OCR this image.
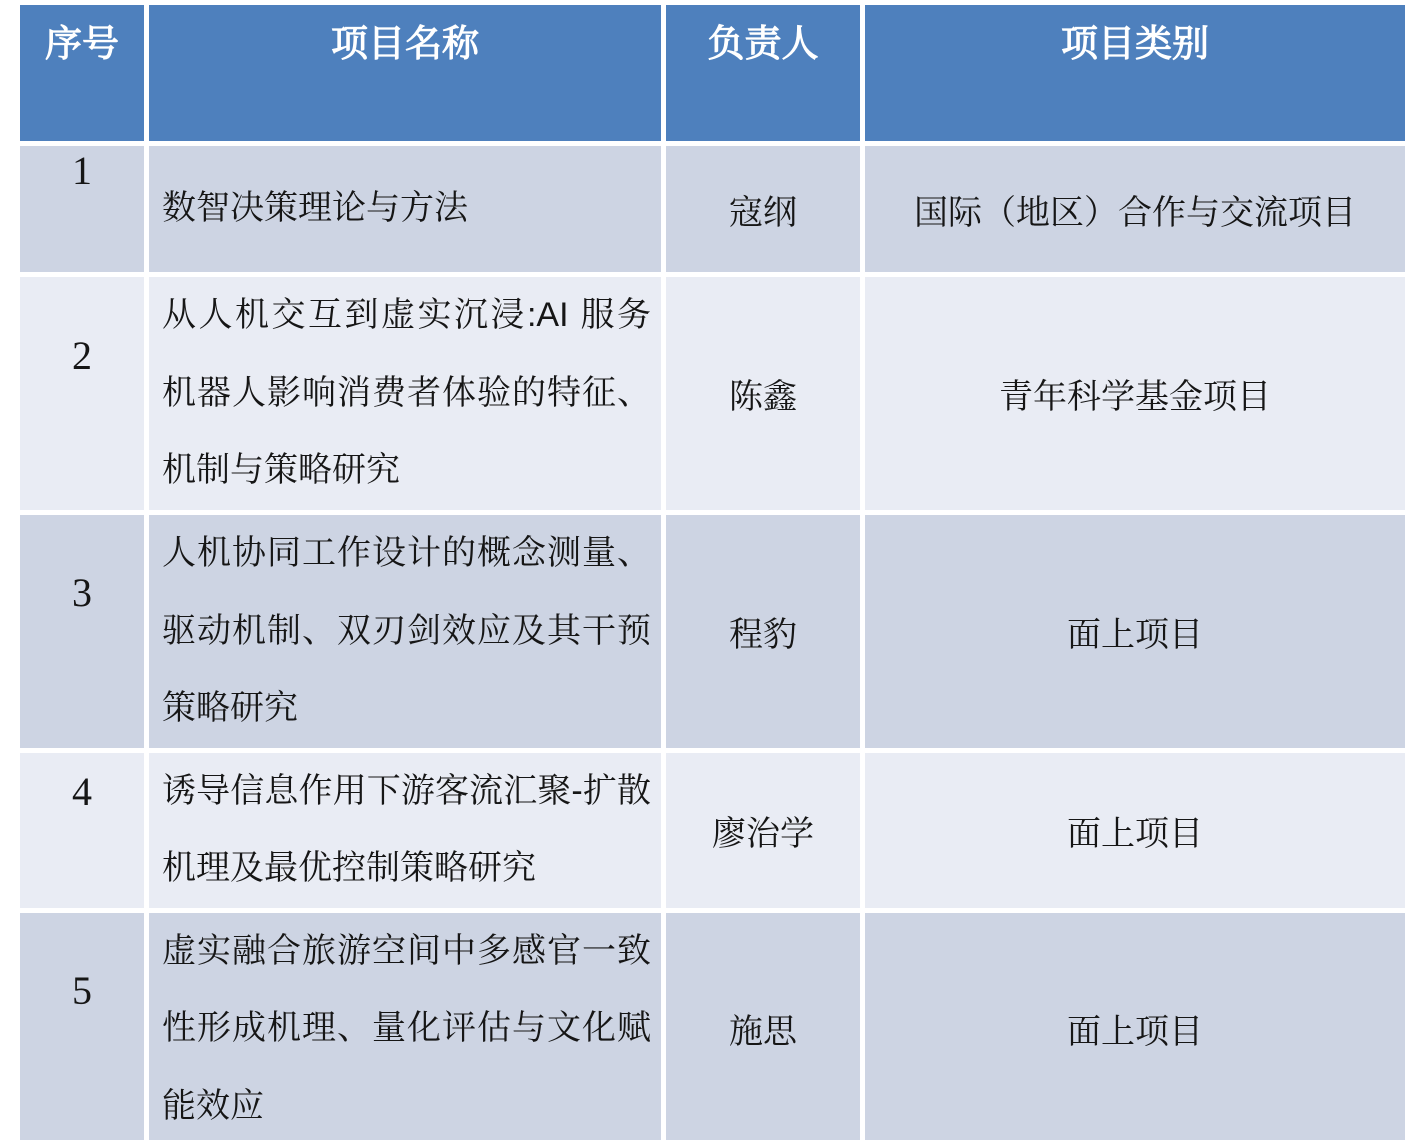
序号	项目名称	负责人	项目类别
1	数智决策理论与方法	寇纲	国际（地区）合作与交流项目
2	从人机交互到虚实沉浸:AI 服务机器人影响消费者体验的特征、机制与策略研究	陈鑫	青年科学基金项目
3	人机协同工作设计的概念测量、驱动机制、双刃剑效应及其干预策略研究	程豹	面上项目
4	诱导信息作用下游客流汇聚-扩散机理及最优控制策略研究	廖治学	面上项目
5	虚实融合旅游空间中多感官一致性形成机理、量化评估与文化赋能效应	施思	面上项目
